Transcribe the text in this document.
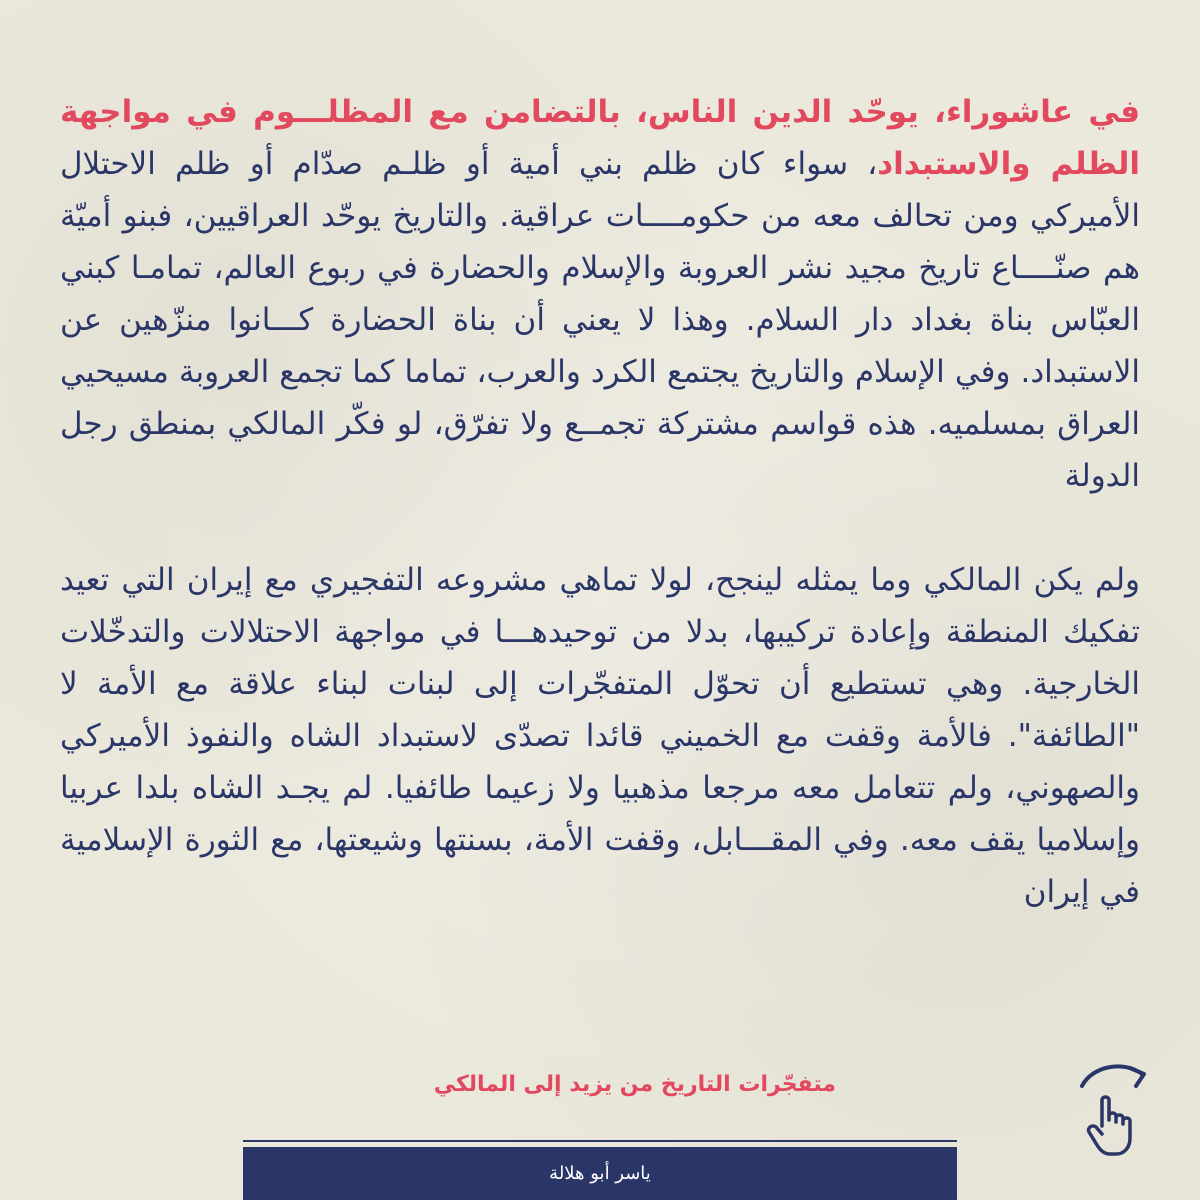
في عاشوراء، يوحّد الدين الناس، بالتضامن مع المظلـــوم في مواجهة الظلم والاستبداد، سواء كان ظلم بني أمية أو ظلـم صدّام أو ظلم الاحتلال الأميركي ومن تحالف معه من حكومــــات عراقية. والتاريخ يوحّد العراقيين، فبنو أميّة هم صنّــــاع تاريخ مجيد نشر العروبة والإسلام والحضارة في ربوع العالم، تمامـا كبني العبّاس بناة بغداد دار السلام. وهذا لا يعني أن بناة الحضارة كـــانوا منزّهين عن الاستبداد. وفي الإسلام والتاريخ يجتمع الكرد والعرب، تماما كما تجمع العروبة مسيحيي العراق بمسلميه. هذه قواسم مشتركة تجمــع ولا تفرّق، لو فكّر المالكي بمنطق رجل الدولة

ولم يكن المالكي وما يمثله لينجح، لولا تماهي مشروعه التفجيري مع إيران التي تعيد تفكيك المنطقة وإعادة تركيبها، بدلا من توحيدهـــا في مواجهة الاحتلالات والتدخّلات الخارجية. وهي تستطيع أن تحوّل المتفجّرات إلى لبنات لبناء علاقة مع الأمة لا "الطائفة". فالأمة وقفت مع الخميني قائدا تصدّى لاستبداد الشاه والنفوذ الأميركي والصهوني، ولم تتعامل معه مرجعا مذهبيا ولا زعيما طائفيا. لم يجـد الشاه بلدا عربيا وإسلاميا يقف معه. وفي المقـــابل، وقفت الأمة، بسنتها وشيعتها، مع الثورة الإسلامية في إيران

متفجّرات التاريخ من يزيد إلى المالكي
ياسر أبو هلالة
